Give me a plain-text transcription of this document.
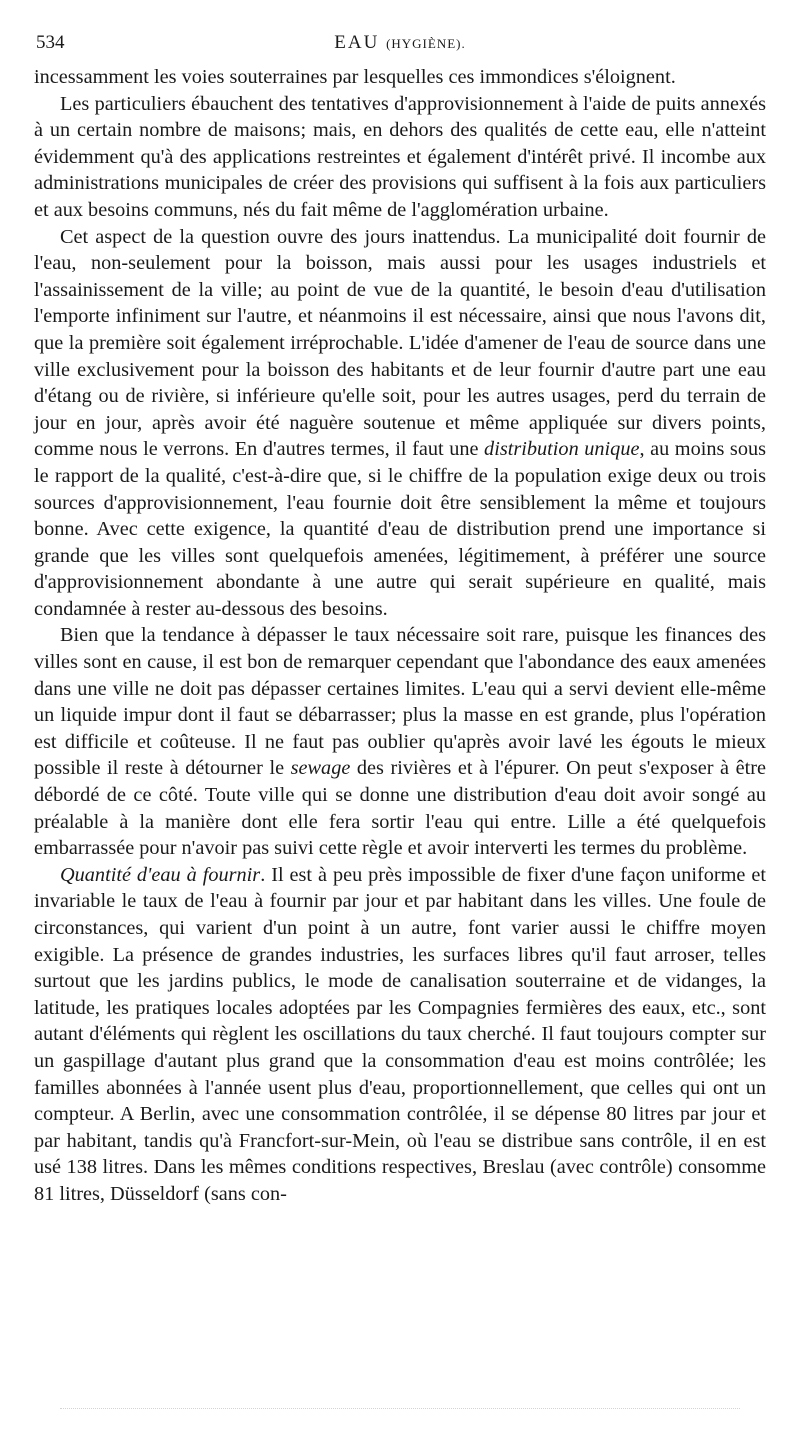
534	EAU (HYGIÈNE).

incessamment les voies souterraines par lesquelles ces immondices s'éloignent.

Les particuliers ébauchent des tentatives d'approvisionnement à l'aide de puits annexés à un certain nombre de maisons; mais, en dehors des qualités de cette eau, elle n'atteint évidemment qu'à des applications restreintes et également d'intérêt privé. Il incombe aux administrations municipales de créer des provisions qui suffisent à la fois aux particuliers et aux besoins communs, nés du fait même de l'agglomération urbaine.

Cet aspect de la question ouvre des jours inattendus. La municipalité doit fournir de l'eau, non-seulement pour la boisson, mais aussi pour les usages industriels et l'assainissement de la ville; au point de vue de la quantité, le besoin d'eau d'utilisation l'emporte infiniment sur l'autre, et néanmoins il est nécessaire, ainsi que nous l'avons dit, que la première soit également irréprochable. L'idée d'amener de l'eau de source dans une ville exclusivement pour la boisson des habitants et de leur fournir d'autre part une eau d'étang ou de rivière, si inférieure qu'elle soit, pour les autres usages, perd du terrain de jour en jour, après avoir été naguère soutenue et même appliquée sur divers points, comme nous le verrons. En d'autres termes, il faut une distribution unique, au moins sous le rapport de la qualité, c'est-à-dire que, si le chiffre de la population exige deux ou trois sources d'approvisionnement, l'eau fournie doit être sensiblement la même et toujours bonne. Avec cette exigence, la quantité d'eau de distribution prend une importance si grande que les villes sont quelquefois amenées, légitimement, à préférer une source d'approvisionnement abondante à une autre qui serait supérieure en qualité, mais condamnée à rester au-dessous des besoins.

Bien que la tendance à dépasser le taux nécessaire soit rare, puisque les finances des villes sont en cause, il est bon de remarquer cependant que l'abondance des eaux amenées dans une ville ne doit pas dépasser certaines limites. L'eau qui a servi devient elle-même un liquide impur dont il faut se débarrasser; plus la masse en est grande, plus l'opération est difficile et coûteuse. Il ne faut pas oublier qu'après avoir lavé les égouts le mieux possible il reste à détourner le sewage des rivières et à l'épurer. On peut s'exposer à être débordé de ce côté. Toute ville qui se donne une distribution d'eau doit avoir songé au préalable à la manière dont elle fera sortir l'eau qui entre. Lille a été quelquefois embarrassée pour n'avoir pas suivi cette règle et avoir interverti les termes du problème.

Quantité d'eau à fournir. Il est à peu près impossible de fixer d'une façon uniforme et invariable le taux de l'eau à fournir par jour et par habitant dans les villes. Une foule de circonstances, qui varient d'un point à un autre, font varier aussi le chiffre moyen exigible. La présence de grandes industries, les surfaces libres qu'il faut arroser, telles surtout que les jardins publics, le mode de canalisation souterraine et de vidanges, la latitude, les pratiques locales adoptées par les Compagnies fermières des eaux, etc., sont autant d'éléments qui règlent les oscillations du taux cherché. Il faut toujours compter sur un gaspillage d'autant plus grand que la consommation d'eau est moins contrôlée; les familles abonnées à l'année usent plus d'eau, proportionnellement, que celles qui ont un compteur. A Berlin, avec une consommation contrôlée, il se dépense 80 litres par jour et par habitant, tandis qu'à Francfort-sur-Mein, où l'eau se distribue sans contrôle, il en est usé 138 litres. Dans les mêmes conditions respectives, Breslau (avec contrôle) consomme 81 litres, Düsseldorf (sans con-
